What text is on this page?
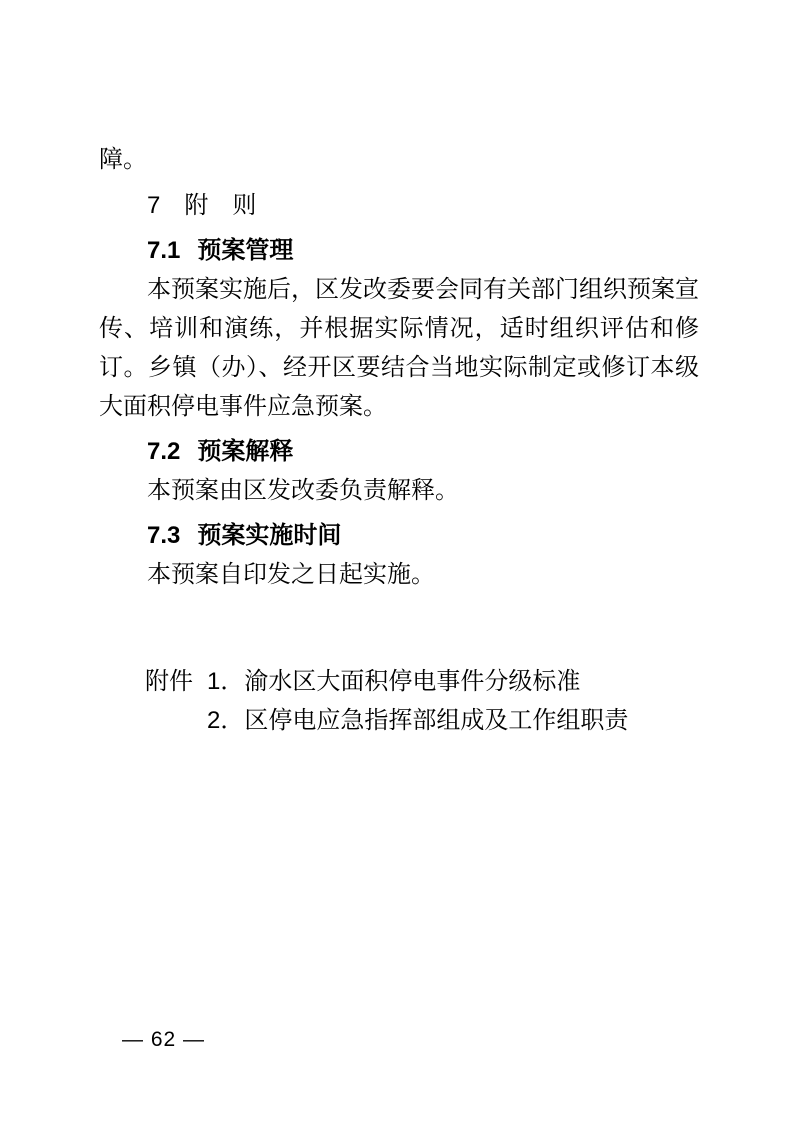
障。

7　附　则
7.1 预案管理

本预案实施后，区发改委要会同有关部门组织预案宣传、培训和演练，并根据实际情况，适时组织评估和修订。乡镇（办）、经开区要结合当地实际制定或修订本级大面积停电事件应急预案。

7.2 预案解释

本预案由区发改委负责解释。

7.3 预案实施时间

本预案自印发之日起实施。

附件 1．渝水区大面积停电事件分级标准
2．区停电应急指挥部组成及工作组职责
— 62 —
